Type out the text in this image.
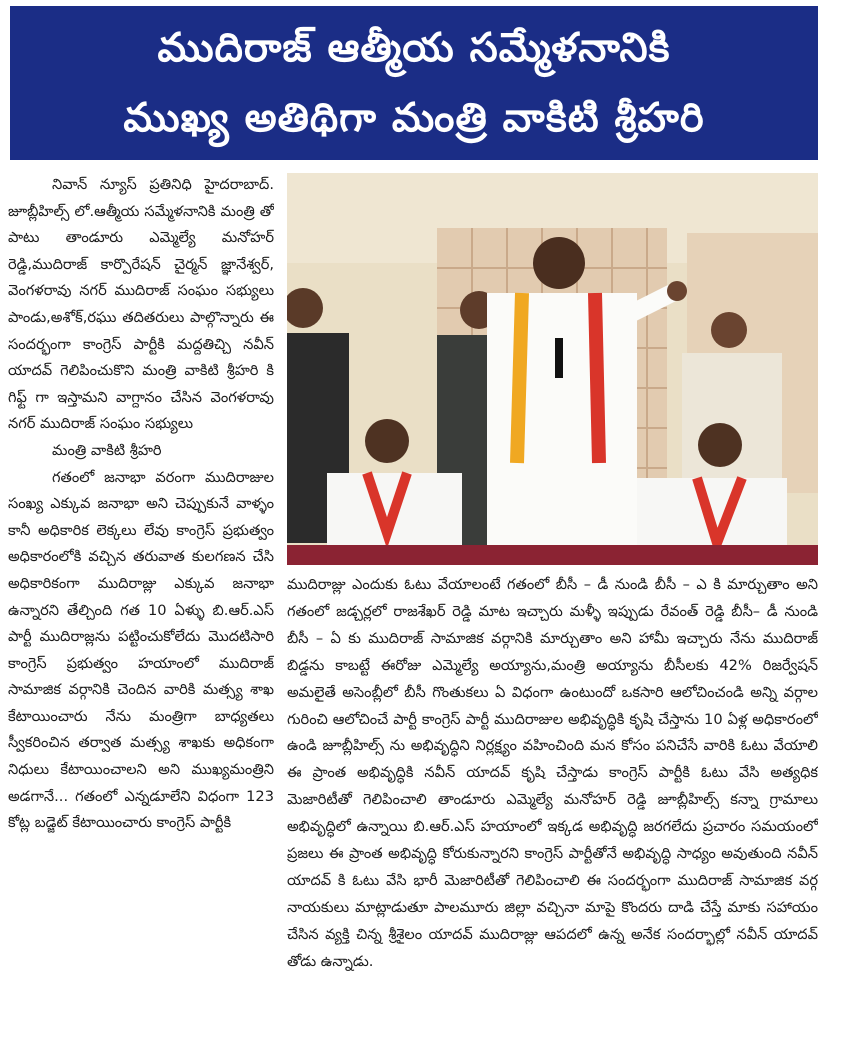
ముదిరాజ్ ఆత్మీయ సమ్మేళనానికి
ముఖ్య అతిథిగా మంత్రి వాకిటి శ్రీహరి

నివాన్ న్యూస్ ప్రతినిధి హైదరాబాద్. జూబ్లీహిల్స్ లో.ఆత్మీయ సమ్మేళనానికి మంత్రి తో పాటు తాండూరు ఎమ్మెల్యే మనోహర్ రెడ్డి,ముదిరాజ్ కార్పొరేషన్ చైర్మన్ జ్ఞానేశ్వర్, వెంగళరావు నగర్ ముదిరాజ్ సంఘం సభ్యులు పాండు,అశోక్,రఘు తదితరులు పాల్గొన్నారు ఈ సందర్భంగా కాంగ్రెస్ పార్టీకి మద్దతిచ్చి నవీన్ యాదవ్ గెలిపించుకొని మంత్రి వాకిటి శ్రీహరి కి గిఫ్ట్ గా ఇస్తామని వాగ్దానం చేసిన వెంగళరావు నగర్ ముదిరాజ్ సంఘం సభ్యులు

మంత్రి వాకిటి శ్రీహరి

గతంలో జనాభా వరంగా ముదిరాజుల సంఖ్య ఎక్కువ జనాభా అని చెప్పుకునే వాళ్ళం కానీ అధికారిక లెక్కలు లేవు కాంగ్రెస్ ప్రభుత్వం అధికారంలోకి వచ్చిన తరువాత కులగణన చేసి అధికారికంగా ముదిరాజ్లు ఎక్కువ జనాభా ఉన్నారని తేల్చింది గత 10 ఏళ్ళు బి.ఆర్.ఎస్ పార్టీ ముదిరాజ్లను పట్టించుకోలేదు మొదటిసారి కాంగ్రెస్ ప్రభుత్వం హయాంలో ముదిరాజ్ సామాజిక వర్గానికి చెందిన వారికి మత్స్య శాఖ కేటాయించారు నేను మంత్రిగా బాధ్యతలు స్వీకరించిన తర్వాత మత్స్య శాఖకు అధికంగా నిధులు కేటాయించాలని అని ముఖ్యమంత్రిని అడగానే... గతంలో ఎన్నడూలేని విధంగా 123 కోట్ల బడ్జెట్ కేటాయించారు కాంగ్రెస్ పార్టీకి

ముదిరాజ్లు ఎందుకు ఓటు వేయాలంటే గతంలో బీసీ – డీ నుండి బీసీ – ఎ కి మార్చుతాం అని గతంలో జడ్చర్లలో రాజశేఖర్ రెడ్డి మాట ఇచ్చారు మళ్ళీ ఇప్పుడు రేవంత్ రెడ్డి బీసీ– డీ నుండి బీసీ – ఏ కు ముదిరాజ్ సామాజిక వర్గానికి మార్చుతాం అని హామీ ఇచ్చారు నేను ముదిరాజ్ బిడ్డను కాబట్టే ఈరోజు ఎమ్మెల్యే అయ్యాను,మంత్రి అయ్యాను బీసీలకు 42% రిజర్వేషన్ అమలైతే అసెంబ్లీలో బీసీ గొంతుకలు ఏ విధంగా ఉంటుందో ఒకసారి ఆలోచించండి అన్ని వర్గాల గురించి ఆలోచించే పార్టీ కాంగ్రెస్ పార్టీ ముదిరాజుల అభివృద్ధికి కృషి చేస్తాను 10 ఏళ్ల అధికారంలో ఉండి జూబ్లీహిల్స్ ను అభివృద్ధిని నిర్లక్ష్యం వహించింది మన కోసం పనిచేసే వారికి ఓటు వేయాలి ఈ ప్రాంత అభివృద్ధికి నవీన్ యాదవ్ కృషి చేస్తాడు కాంగ్రెస్ పార్టీకి ఓటు వేసి అత్యధిక మెజారిటీతో గెలిపించాలి తాండూరు ఎమ్మెల్యే మనోహర్ రెడ్డి జూబ్లీహిల్స్ కన్నా గ్రామాలు అభివృద్ధిలో ఉన్నాయి బి.ఆర్.ఎస్ హయాంలో ఇక్కడ అభివృద్ధి జరగలేదు ప్రచారం సమయంలో ప్రజలు ఈ ప్రాంత అభివృద్ధి కోరుకున్నారని కాంగ్రెస్ పార్టీతోనే అభివృద్ధి సాధ్యం అవుతుంది నవీన్ యాదవ్ కి ఓటు వేసి భారీ మెజారిటీతో గెలిపించాలి ఈ సందర్భంగా ముదిరాజ్ సామాజిక వర్గ నాయకులు మాట్లాడుతూ పాలమూరు జిల్లా వచ్చినా మాపై కొందరు దాడి చేస్తే మాకు సహాయం చేసిన వ్యక్తి చిన్న శ్రీశైలం యాదవ్ ముదిరాజ్లు ఆపదలో ఉన్న అనేక సందర్భాల్లో నవీన్ యాదవ్ తోడు ఉన్నాడు.
